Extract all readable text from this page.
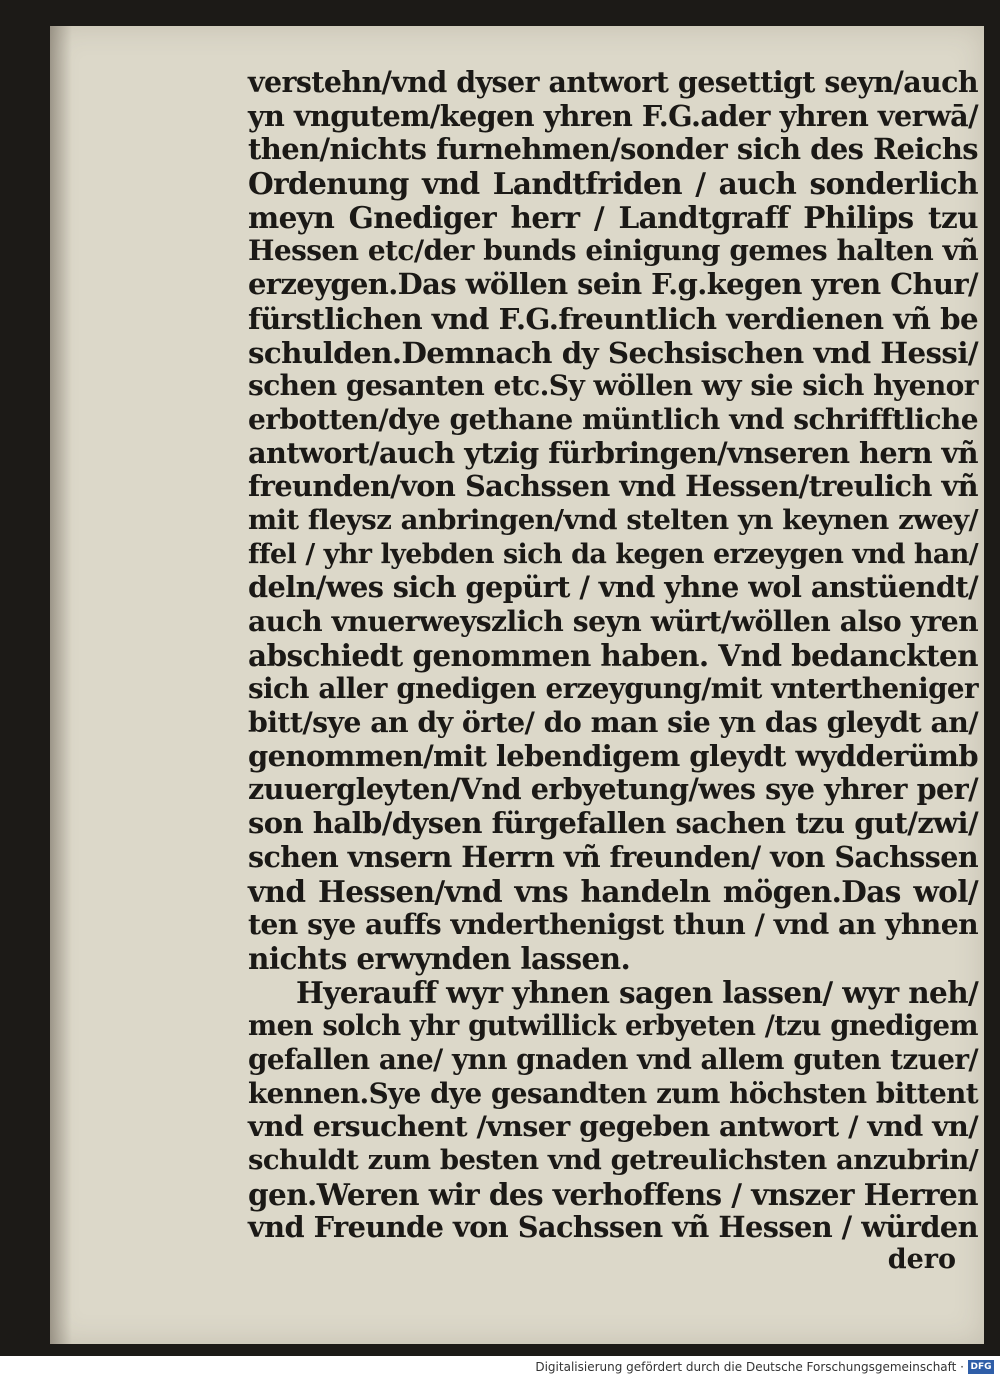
verstehn/vnd dyser antwort gesettigt seyn/auch
yn vngutem/kegen yhren F.G.ader yhren verwā/
then/nichts furnehmen/sonder sich des Reichs
Ordenung vnd Landtfriden / auch sonderlich
meyn Gnediger herr / Landtgraff Philips tzu
Hessen etc/der bunds einigung gemes halten vñ
erzeygen.Das wöllen sein F.g.kegen yren Chur/
fürstlichen vnd F.G.freuntlich verdienen vñ be
schulden.Demnach dy Sechsischen vnd Hessi/
schen gesanten etc.Sy wöllen wy sie sich hyenor
erbotten/dye gethane müntlich vnd schrifftliche
antwort/auch ytzig fürbringen/vnseren hern vñ
freunden/von Sachssen vnd Hessen/treulich vñ
mit fleysz anbringen/vnd stelten yn keynen zwey/
ffel / yhr lyebden sich da kegen erzeygen vnd han/
deln/wes sich gepürt / vnd yhne wol anstüendt/
auch vnuerweyszlich seyn würt/wöllen also yren
abschiedt genommen haben. Vnd bedanckten
sich aller gnedigen erzeygung/mit vntertheniger
bitt/sye an dy örte/ do man sie yn das gleydt an/
genommen/mit lebendigem gleydt wydderümb
zuuergleyten/Vnd erbyetung/wes sye yhrer per/
son halb/dysen fürgefallen sachen tzu gut/zwi/
schen vnsern Herrn vñ freunden/ von Sachssen
vnd Hessen/vnd vns handeln mögen.Das wol/
ten sye auffs vnderthenigst thun / vnd an yhnen
nichts erwynden lassen.
Hyerauff wyr yhnen sagen lassen/ wyr neh/
men solch yhr gutwillick erbyeten /tzu gnedigem
gefallen ane/ ynn gnaden vnd allem guten tzuer/
kennen.Sye dye gesandten zum höchsten bittent
vnd ersuchent /vnser gegeben antwort / vnd vn/
schuldt zum besten vnd getreulichsten anzubrin/
gen.Weren wir des verhoffens / vnszer Herren
vnd Freunde von Sachssen vñ Hessen / würden
dero
Digitalisierung gefördert durch die Deutsche Forschungsgemeinschaft · DFG
